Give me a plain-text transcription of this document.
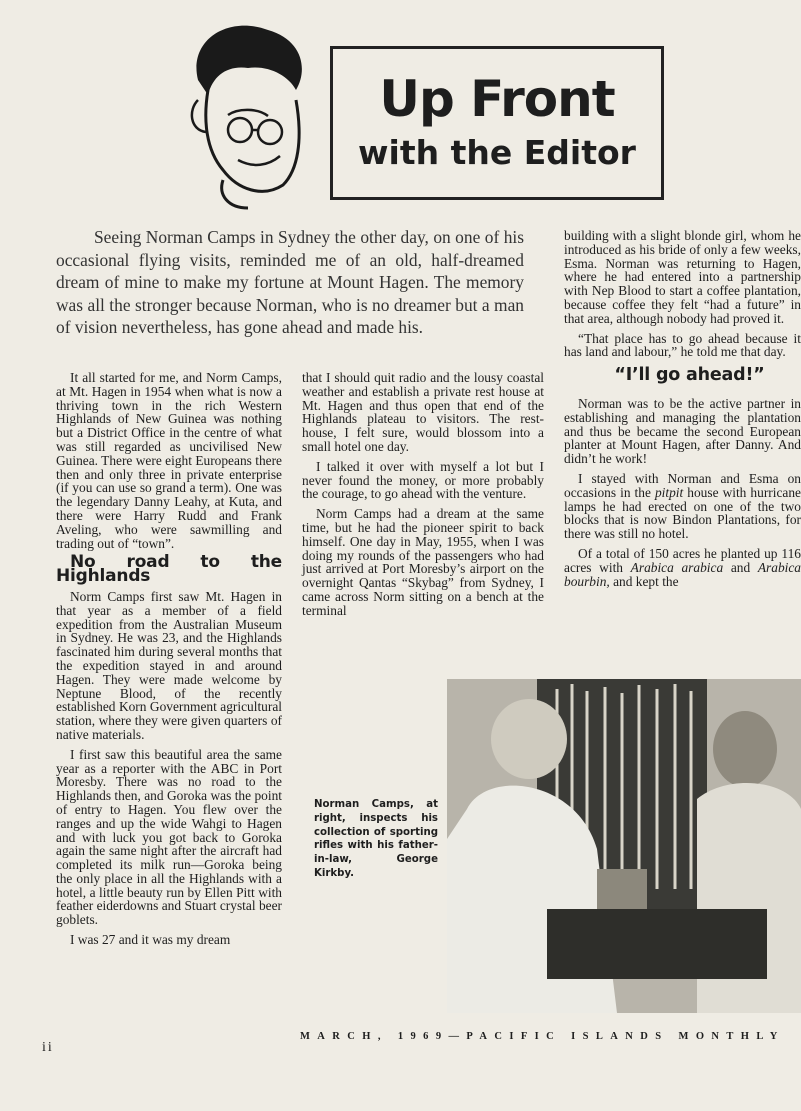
Up Front
with the Editor
Seeing Norman Camps in Sydney the other day, on one of his occasional flying visits, reminded me of an old, half-dreamed dream of mine to make my fortune at Mount Hagen. The memory was all the stronger because Norman, who is no dreamer but a man of vision nevertheless, has gone ahead and made his.

It all started for me, and Norm Camps, at Mt. Hagen in 1954 when what is now a thriving town in the rich Western Highlands of New Guinea was nothing but a District Office in the centre of what was still regarded as uncivilised New Guinea. There were eight Europeans there then and only three in private enterprise (if you can use so grand a term). One was the legendary Danny Leahy, at Kuta, and there were Harry Rudd and Frank Aveling, who were sawmilling and trading out of “town”.

No road to the Highlands

Norm Camps first saw Mt. Hagen in that year as a member of a field expedition from the Australian Museum in Sydney. He was 23, and the Highlands fascinated him during several months that the expedition stayed in and around Hagen. They were made welcome by Neptune Blood, of the recently established Korn Government agricultural station, where they were given quarters of native materials.

I first saw this beautiful area the same year as a reporter with the ABC in Port Moresby. There was no road to the Highlands then, and Goroka was the point of entry to Hagen. You flew over the ranges and up the wide Wahgi to Hagen and with luck you got back to Goroka again the same night after the aircraft had completed its milk run—Goroka being the only place in all the Highlands with a hotel, a little beauty run by Ellen Pitt with feather eiderdowns and Stuart crystal beer goblets.

I was 27 and it was my dream

that I should quit radio and the lousy coastal weather and establish a private rest house at Mt. Hagen and thus open that end of the Highlands plateau to visitors. The rest-house, I felt sure, would blossom into a small hotel one day.

I talked it over with myself a lot but I never found the money, or more probably the courage, to go ahead with the venture.

Norm Camps had a dream at the same time, but he had the pioneer spirit to back himself. One day in May, 1955, when I was doing my rounds of the passengers who had just arrived at Port Moresby’s airport on the overnight Qantas “Skybag” from Sydney, I came across Norm sitting on a bench at the terminal

building with a slight blonde girl, whom he introduced as his bride of only a few weeks, Esma. Norman was returning to Hagen, where he had entered into a partnership with Nep Blood to start a coffee plantation, because coffee they felt “had a future” in that area, although nobody had proved it.

“That place has to go ahead because it has land and labour,” he told me that day.

“I’ll go ahead!”

Norman was to be the active partner in establishing and managing the plantation and thus be became the second European planter at Mount Hagen, after Danny. And didn’t he work!

I stayed with Norman and Esma on occasions in the pitpit house with hurricane lamps he had erected on one of the two blocks that is now Bindon Plantations, for there was still no hotel.

Of a total of 150 acres he planted up 116 acres with Arabica arabica and Arabica bourbin, and kept the

Norman Camps, at right, inspects his collection of sporting rifles with his father-in-law, George Kirkby.
ii
MARCH, 1969—PACIFIC ISLANDS MONTHLY
